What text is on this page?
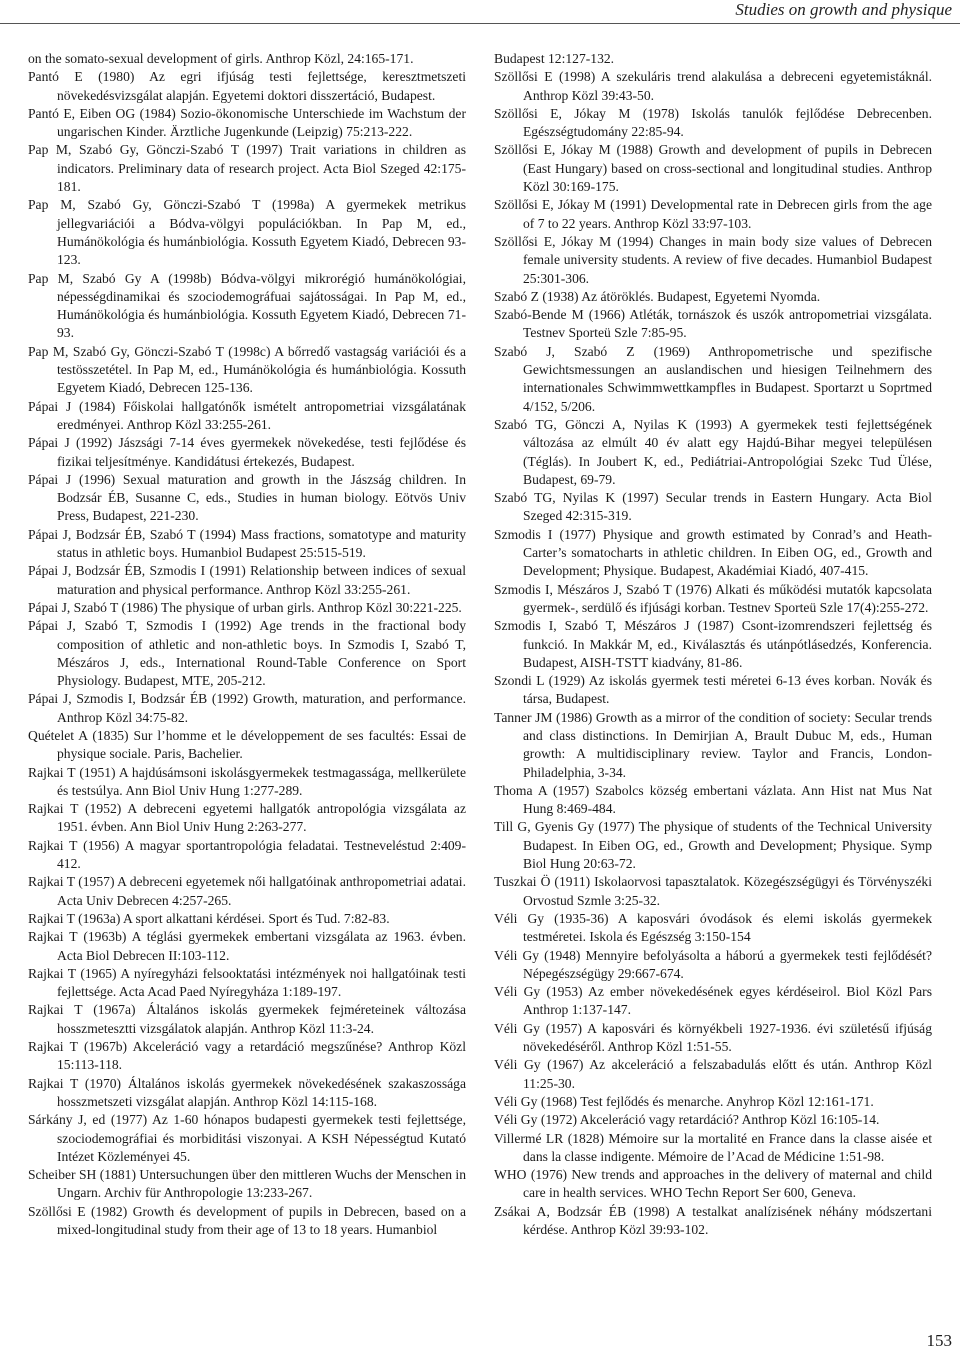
Studies on growth and physique

on the somato-sexual development of girls. Anthrop Közl, 24:165-171.

Pantó E (1980) Az egri ifjúság testi fejlettsége, keresztmetszeti növekedésvizsgálat alapján. Egyetemi doktori disszertáció, Budapest.

Pantó E, Eiben OG (1984) Sozio-ökonomische Unterschiede im Wachstum der ungarischen Kinder. Ärztliche Jugenkunde (Leipzig) 75:213-222.

Pap M, Szabó Gy, Gönczi-Szabó T (1997) Trait variations in children as indicators. Preliminary data of research project. Acta Biol Szeged 42:175-181.

Pap M, Szabó Gy, Gönczi-Szabó T (1998a) A gyermekek metrikus jellegvariációi a Bódva-völgyi populációkban. In Pap M, ed., Humánökológia és humánbiológia. Kossuth Egyetem Kiadó, Debrecen 93-123.

Pap M, Szabó Gy A (1998b) Bódva-völgyi mikrorégió humánökológiai, népességdinamikai és szociodemográfuai sajátosságai. In Pap M, ed., Humánökológia és humánbiológia. Kossuth Egyetem Kiadó, Debrecen 71-93.

Pap M, Szabó Gy, Gönczi-Szabó T (1998c) A bőrredő vastagság variációi és a testösszetétel. In Pap M, ed., Humánökológia és humánbiológia. Kossuth Egyetem Kiadó, Debrecen 125-136.

Pápai J (1984) Főiskolai hallgatónők ismételt antropometriai vizsgálatának eredményei. Anthrop Közl 33:255-261.

Pápai J (1992) Jászsági 7-14 éves gyermekek növekedése, testi fejlődése és fizikai teljesítménye. Kandidátusi értekezés, Budapest.

Pápai J (1996) Sexual maturation and growth in the Jászság children. In Bodzsár ÉB, Susanne C, eds., Studies in human biology. Eötvös Univ Press, Budapest, 221-230.

Pápai J, Bodzsár ÉB, Szabó T (1994) Mass fractions, somatotype and maturity status in athletic boys. Humanbiol Budapest 25:515-519.

Pápai J, Bodzsár ÉB, Szmodis I (1991) Relationship between indices of sexual maturation and physical performance. Anthrop Közl 33:255-261.

Pápai J, Szabó T (1986) The physique of urban girls. Anthrop Közl 30:221-225.

Pápai J, Szabó T, Szmodis I (1992) Age trends in the fractional body composition of athletic and non-athletic boys. In Szmodis I, Szabó T, Mészáros J, eds., International Round-Table Conference on Sport Physiology. Budapest, MTE, 205-212.

Pápai J, Szmodis I, Bodzsár ÉB (1992) Growth, maturation, and performance. Anthrop Közl 34:75-82.

Quételet A (1835) Sur l’homme et le développement de ses facultés: Essai de physique sociale. Paris, Bachelier.

Rajkai T (1951) A hajdúsámsoni iskolásgyermekek testmagassága, mellkerülete és testsúlya. Ann Biol Univ Hung 1:277-289.

Rajkai T (1952) A debreceni egyetemi hallgatók antropológia vizsgálata az 1951. évben. Ann Biol Univ Hung 2:263-277.

Rajkai T (1956) A magyar sportantropológia feladatai. Testneveléstud 2:409-412.

Rajkai T (1957) A debreceni egyetemek női hallgatóinak anthropometriai adatai. Acta Univ Debrecen 4:257-265.

Rajkai T (1963a) A sport alkattani kérdései. Sport és Tud. 7:82-83.

Rajkai T (1963b) A téglási gyermekek embertani vizsgálata az 1963. évben. Acta Biol Debrecen II:103-112.

Rajkai T (1965) A nyíregyházi felsooktatási intézmények noi hallgatóinak testi fejlettsége. Acta Acad Paed Nyíregyháza 1:189-197.

Rajkai T (1967a) Általános iskolás gyermekek fejméreteinek változása hosszmetesztti vizsgálatok alapján. Anthrop Közl 11:3-24.

Rajkai T (1967b) Akceleráció vagy a retardáció megszűnése? Anthrop Közl 15:113-118.

Rajkai T (1970) Általános iskolás gyermekek növekedésének szakaszossága hosszmetszeti vizsgálat alapján. Anthrop Közl 14:115-168.

Sárkány J, ed (1977) Az 1-60 hónapos budapesti gyermekek testi fejlettsége, szociodemográfiai és morbiditási viszonyai. A KSH Népességtud Kutató Intézet Közleményei 45.

Scheiber SH (1881) Untersuchungen über den mittleren Wuchs der Menschen in Ungarn. Archiv für Anthropologie 13:233-267.

Szöllősi E (1982) Growth és development of pupils in Debrecen, based on a mixed-longitudinal study from their age of 13 to 18 years. Humanbiol

Budapest 12:127-132.

Szöllősi E (1998) A szekuláris trend alakulása a debreceni egyetemistáknál. Anthrop Közl 39:43-50.

Szöllősi E, Jókay M (1978) Iskolás tanulók fejlődése Debrecenben. Egészségtudomány 22:85-94.

Szöllősi E, Jókay M (1988) Growth and development of pupils in Debrecen (East Hungary) based on cross-sectional and longitudinal studies. Anthrop Közl 30:169-175.

Szöllősi E, Jókay M (1991) Developmental rate in Debrecen girls from the age of 7 to 22 years. Anthrop Közl 33:97-103.

Szöllősi E, Jókay M (1994) Changes in main body size values of Debrecen female university students. A review of five decades. Humanbiol Budapest 25:301-306.

Szabó Z (1938) Az átöröklés. Budapest, Egyetemi Nyomda.

Szabó-Bende M (1966) Atléták, tornászok és uszók antropometriai vizsgálata. Testnev Sporteü Szle 7:85-95.

Szabó J, Szabó Z (1969) Anthropometrische und spezifische Gewichtsmessungen an auslandischen und hiesigen Teilnehmern des internationales Schwimmwettkampfles in Budapest. Sportarzt u Soprtmed 4/152, 5/206.

Szabó TG, Gönczi A, Nyilas K (1993) A gyermekek testi fejlettségének változása az elmúlt 40 év alatt egy Hajdú-Bihar megyei településen (Téglás). In Joubert K, ed., Pediátriai-Antropológiai Szekc Tud Ülése, Budapest, 69-79.

Szabó TG, Nyilas K (1997) Secular trends in Eastern Hungary. Acta Biol Szeged 42:315-319.

Szmodis I (1977) Physique and growth estimated by Conrad’s and Heath-Carter’s somatocharts in athletic children. In Eiben OG, ed., Growth and Development; Physique. Budapest, Akadémiai Kiadó, 407-415.

Szmodis I, Mészáros J, Szabó T (1976) Alkati és működési mutatók kapcsolata gyermek-, serdülő és ifjúsági korban. Testnev Sporteü Szle 17(4):255-272.

Szmodis I, Szabó T, Mészáros J (1987) Csont-izomrendszeri fejlettség és funkció. In Makkár M, ed., Kiválasztás és utánpótlásedzés, Konferencia. Budapest, AISH-TSTT kiadvány, 81-86.

Szondi L (1929) Az iskolás gyermek testi méretei 6-13 éves korban. Novák és társa, Budapest.

Tanner JM (1986) Growth as a mirror of the condition of society: Secular trends and class distinctions. In Demirjian A, Brault Dubuc M, eds., Human growth: A multidisciplinary review. Taylor and Francis, London-Philadelphia, 3-34.

Thoma A (1957) Szabolcs község embertani vázlata. Ann Hist nat Mus Nat Hung 8:469-484.

Till G, Gyenis Gy (1977) The physique of students of the Technical University Budapest. In Eiben OG, ed., Growth and Development; Physique. Symp Biol Hung 20:63-72.

Tuszkai Ö (1911) Iskolaorvosi tapasztalatok. Közegészségügyi és Törvényszéki Orvostud Szmle 3:25-32.

Véli Gy (1935-36) A kaposvári óvodások és elemi iskolás gyermekek testméretei. Iskola és Egészség 3:150-154

Véli Gy (1948) Mennyire befolyásolta a háború a gyermekek testi fejlődését? Népegészségügy 29:667-674.

Véli Gy (1953) Az ember növekedésének egyes kérdéseirol. Biol Közl Pars Anthrop 1:137-147.

Véli Gy (1957) A kaposvári és környékbeli 1927-1936. évi születésű ifjúság növekedéséről. Anthrop Közl 1:51-55.

Véli Gy (1967) Az akceleráció a felszabadulás előtt és után. Anthrop Közl 11:25-30.

Véli Gy (1968) Test fejlődés és menarche. Anyhrop Közl 12:161-171.

Véli Gy (1972) Akceleráció vagy retardáció? Anthrop Közl 16:105-14.

Villermé LR (1828) Mémoire sur la mortalité en France dans la classe aisée et dans la classe indigente. Mémoire de l’Acad de Médicine 1:51-98.

WHO (1976) New trends and approaches in the delivery of maternal and child care in health services. WHO Techn Report Ser 600, Geneva.

Zsákai A, Bodzsár ÉB (1998) A testalkat analízisének néhány módszertani kérdése. Anthrop Közl 39:93-102.

153
